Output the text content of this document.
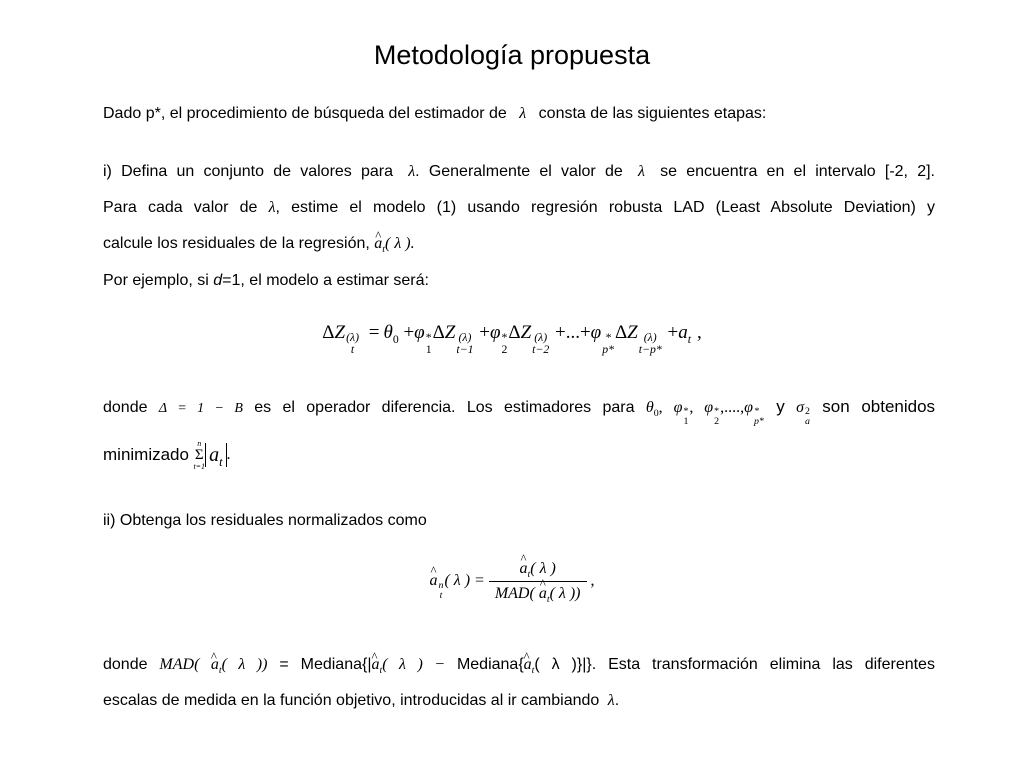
Metodología propuesta
Dado p*, el procedimiento de búsqueda del estimador de λ consta de las siguientes etapas:
i) Defina un conjunto de valores para λ. Generalmente el valor de λ se encuentra en el intervalo [-2, 2].
Para cada valor de λ, estime el modelo (1) usando regresión robusta LAD (Least Absolute Deviation) y
calcule los residuales de la regresión, a $\^{}_t$( λ ).
Por ejemplo, si d=1, el modelo a estimar será:
ΔZ (λ)
t
= $\theta_0 +\varphi$ *
1
ΔZ (λ)
t−1
+φ *
2
ΔZ (λ)
t−2
+...+φ *
p*
ΔZ (λ)
t−p*
$+a_t$ ,
donde Δ = 1 − B es el operador diferencia. Los estimadores para $\theta_0$, φ *
1
, φ *
2
,....,φ *
p*
y σ 2
a
son obtenidos
minimizado
n
Σ
t=1 $a_t$ .
ii) Obtenga los residuales normalizados como
a ^ n
t
( λ ) = $\frac{a \^{}_t( \lambda )}{MAD( a \^{}_t( \lambda ))}$ ,
donde MAD( a $\^{}_t$( λ )) = Mediana{|a $\^{}_t$( λ ) − Mediana{a $\^{}_t$( λ )}|}. Esta transformación elimina las diferentes
escalas de medida en la función objetivo, introducidas al ir cambiando λ.
